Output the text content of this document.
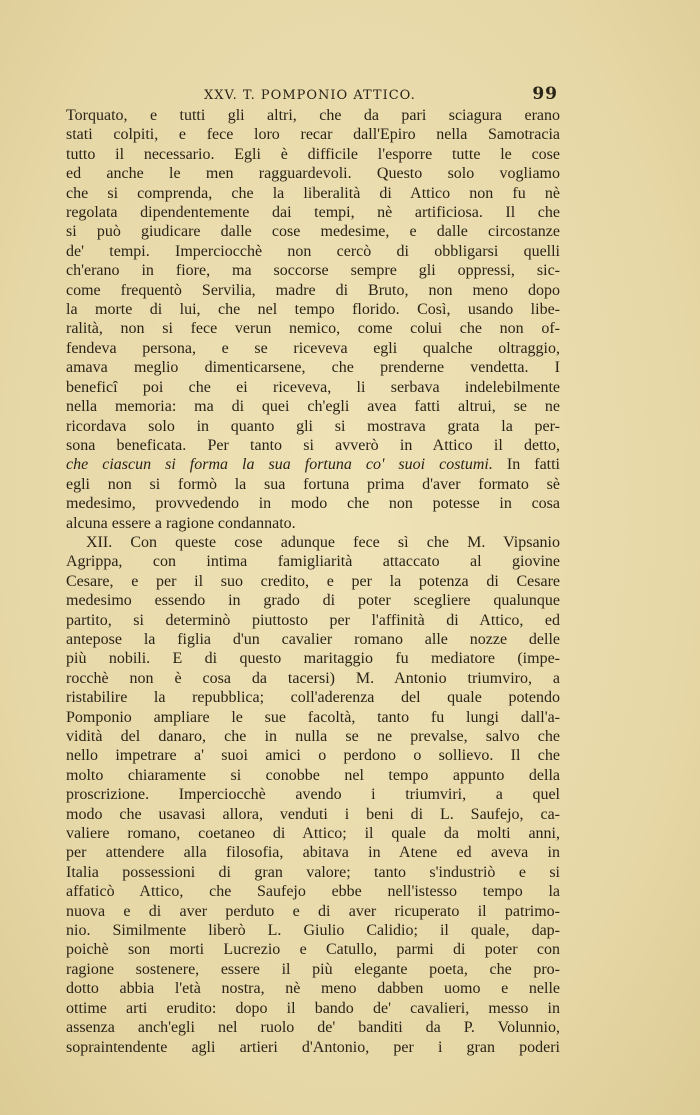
XXV. T. POMPONIO ATTICO.	99
Torquato, e tutti gli altri, che da pari sciagura erano
stati colpiti, e fece loro recar dall'Epiro nella Samotracia
tutto il necessario. Egli è difficile l'esporre tutte le cose
ed anche le men ragguardevoli. Questo solo vogliamo
che si comprenda, che la liberalità di Attico non fu nè
regolata dipendentemente dai tempi, nè artificiosa. Il che
si può giudicare dalle cose medesime, e dalle circostanze
de' tempi. Imperciocchè non cercò di obbligarsi quelli
ch'erano in fiore, ma soccorse sempre gli oppressi, sic-
come frequentò Servilia, madre di Bruto, non meno dopo
la morte di lui, che nel tempo florido. Così, usando libe-
ralità, non si fece verun nemico, come colui che non of-
fendeva persona, e se riceveva egli qualche oltraggio,
amava meglio dimenticarsene, che prenderne vendetta. I
beneficî poi che ei riceveva, li serbava indelebilmente
nella memoria: ma di quei ch'egli avea fatti altrui, se ne
ricordava solo in quanto gli si mostrava grata la per-
sona beneficata. Per tanto si avverò in Attico il detto,
che ciascun si forma la sua fortuna co' suoi costumi. In fatti
egli non si formò la sua fortuna prima d'aver formato sè
medesimo, provvedendo in modo che non potesse in cosa
alcuna essere a ragione condannato.
XII. Con queste cose adunque fece sì che M. Vipsanio
Agrippa, con intima famigliarità attaccato al giovine
Cesare, e per il suo credito, e per la potenza di Cesare
medesimo essendo in grado di poter scegliere qualunque
partito, si determinò piuttosto per l'affinità di Attico, ed
antepose la figlia d'un cavalier romano alle nozze delle
più nobili. E di questo maritaggio fu mediatore (impe-
rocchè non è cosa da tacersi) M. Antonio triumviro, a
ristabilire la repubblica; coll'aderenza del quale potendo
Pomponio ampliare le sue facoltà, tanto fu lungi dall'a-
vidità del danaro, che in nulla se ne prevalse, salvo che
nello impetrare a' suoi amici o perdono o sollievo. Il che
molto chiaramente si conobbe nel tempo appunto della
proscrizione. Imperciocchè avendo i triumviri, a quel
modo che usavasi allora, venduti i beni di L. Saufejo, ca-
valiere romano, coetaneo di Attico; il quale da molti anni,
per attendere alla filosofia, abitava in Atene ed aveva in
Italia possessioni di gran valore; tanto s'industriò e si
affaticò Attico, che Saufejo ebbe nell'istesso tempo la
nuova e di aver perduto e di aver ricuperato il patrimo-
nio. Similmente liberò L. Giulio Calidio; il quale, dap-
poichè son morti Lucrezio e Catullo, parmi di poter con
ragione sostenere, essere il più elegante poeta, che pro-
dotto abbia l'età nostra, nè meno dabben uomo e nelle
ottime arti erudito: dopo il bando de' cavalieri, messo in
assenza anch'egli nel ruolo de' banditi da P. Volunnio,
sopraintendente agli artieri d'Antonio, per i gran poderi
